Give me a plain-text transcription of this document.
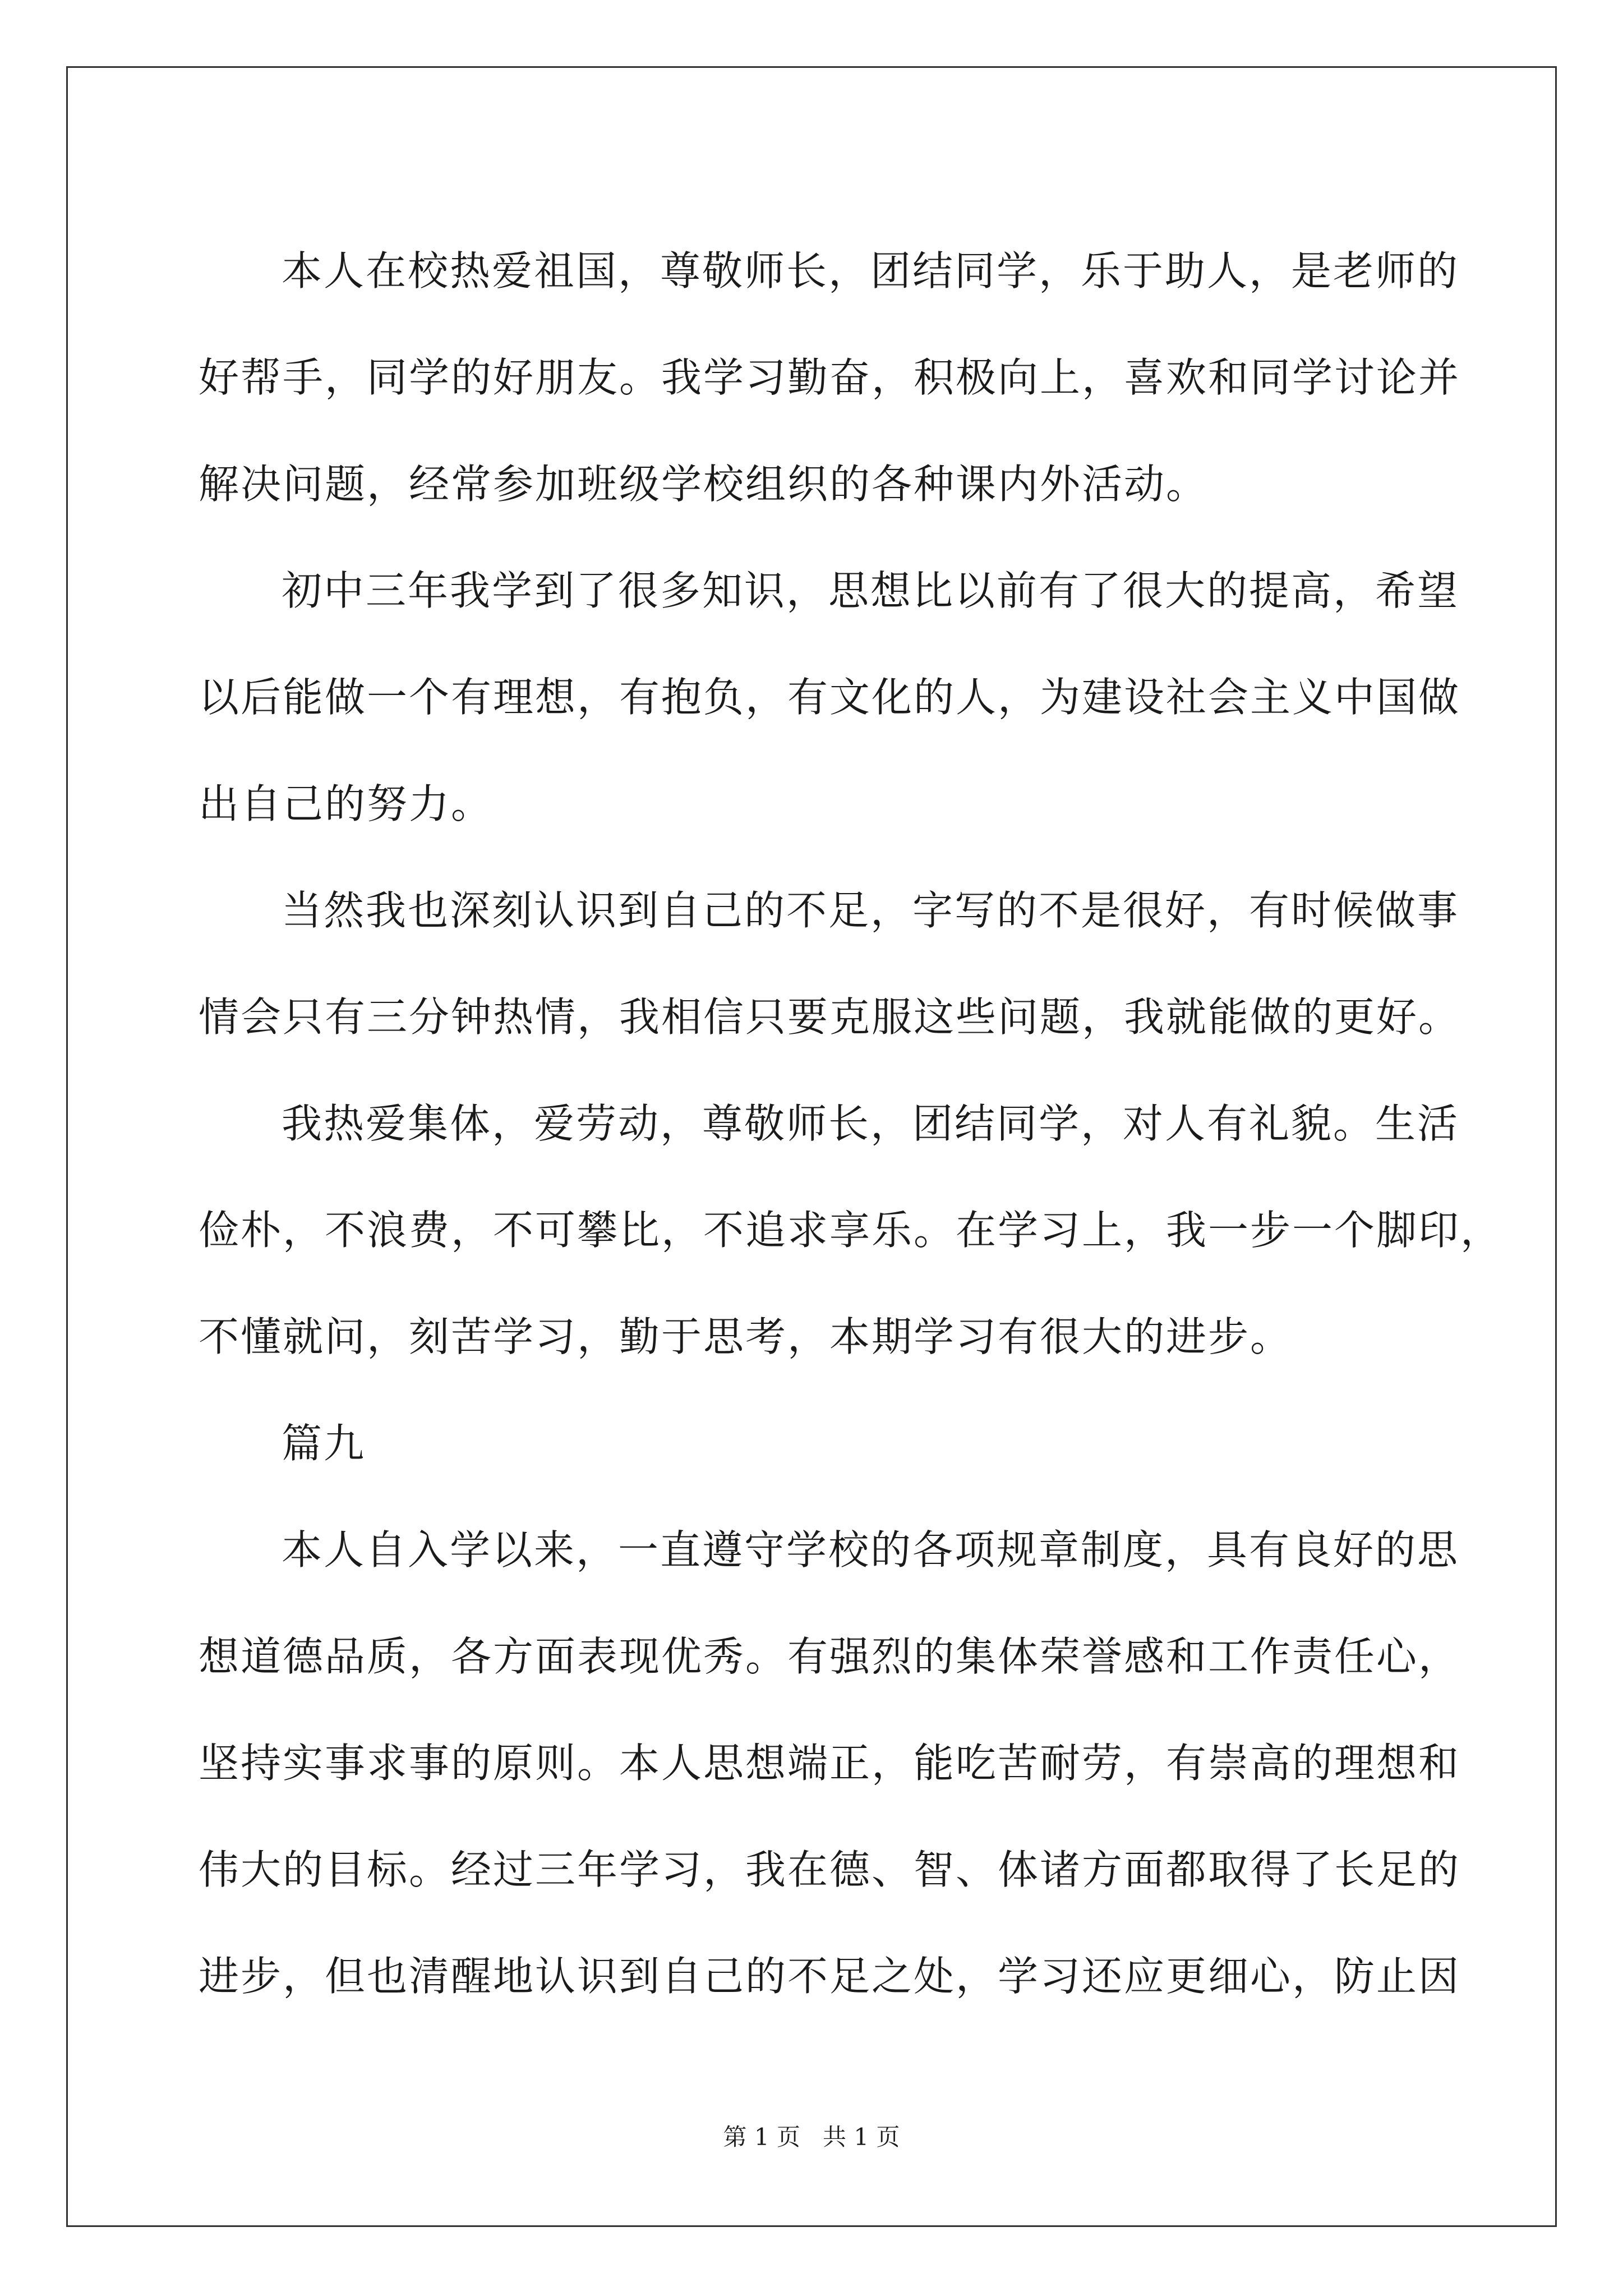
本人在校热爱祖国，尊敬师长，团结同学，乐于助人，是老师的
好帮手，同学的好朋友。我学习勤奋，积极向上，喜欢和同学讨论并
解决问题，经常参加班级学校组织的各种课内外活动。
初中三年我学到了很多知识，思想比以前有了很大的提高，希望
以后能做一个有理想，有抱负，有文化的人，为建设社会主义中国做
出自己的努力。
当然我也深刻认识到自己的不足，字写的不是很好，有时候做事
情会只有三分钟热情，我相信只要克服这些问题，我就能做的更好。
我热爱集体，爱劳动，尊敬师长，团结同学，对人有礼貌。生活
俭朴，不浪费，不可攀比，不追求享乐。在学习上，我一步一个脚印，
不懂就问，刻苦学习，勤于思考，本期学习有很大的进步。
篇九
本人自入学以来，一直遵守学校的各项规章制度，具有良好的思
想道德品质，各方面表现优秀。有强烈的集体荣誉感和工作责任心，
坚持实事求事的原则。本人思想端正，能吃苦耐劳，有崇高的理想和
伟大的目标。经过三年学习，我在德、智、体诸方面都取得了长足的
进步，但也清醒地认识到自己的不足之处，学习还应更细心，防止因
第 1 页 共 1 页
